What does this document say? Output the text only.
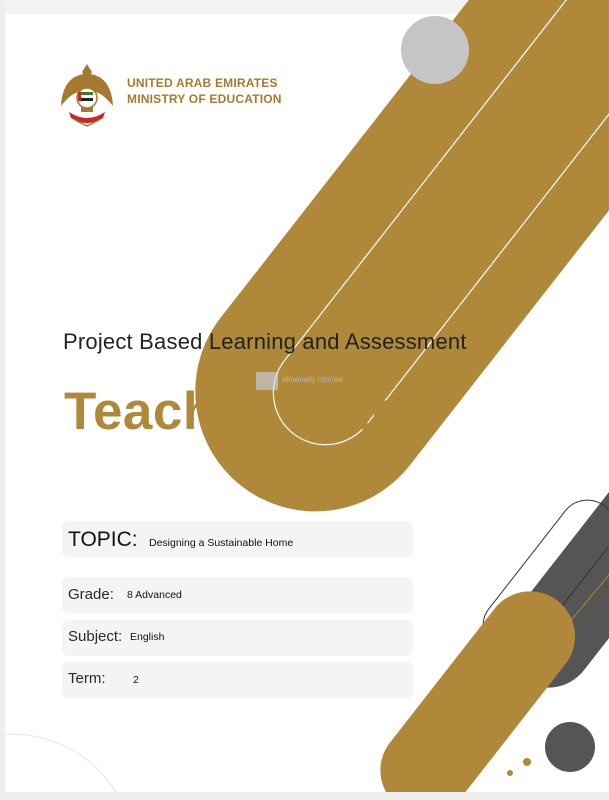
UNITED ARAB EMIRATES
MINISTRY OF EDUCATION
Project Based Learning and Assessment
almanahj.com/ae
Teacher Guide
TOPIC: Designing a Sustainable Home
Grade: 8 Advanced
Subject: English
Term:	2
